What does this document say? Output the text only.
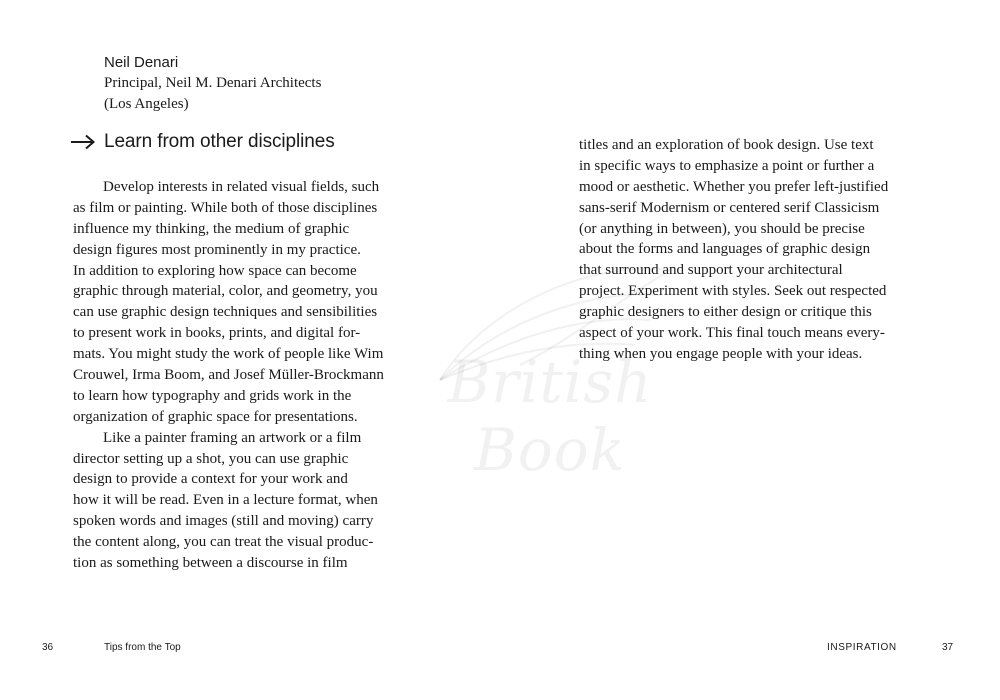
Neil Denari
Principal, Neil M. Denari Architects
(Los Angeles)
Learn from other disciplines
British Book
Develop interests in related visual fields, such
as film or painting. While both of those disciplines
influence my thinking, the medium of graphic
design figures most prominently in my practice.
In addition to exploring how space can become
graphic through material, color, and geometry, you
can use graphic design techniques and sensibilities
to present work in books, prints, and digital for-
mats. You might study the work of people like Wim
Crouwel, Irma Boom, and Josef Müller-Brockmann
to learn how typography and grids work in the
organization of graphic space for presentations.
Like a painter framing an artwork or a film
director setting up a shot, you can use graphic
design to provide a context for your work and
how it will be read. Even in a lecture format, when
spoken words and images (still and moving) carry
the content along, you can treat the visual produc-
tion as something between a discourse in film
titles and an exploration of book design. Use text
in specific ways to emphasize a point or further a
mood or aesthetic. Whether you prefer left-justified
sans-serif Modernism or centered serif Classicism
(or anything in between), you should be precise
about the forms and languages of graphic design
that surround and support your architectural
project. Experiment with styles. Seek out respected
graphic designers to either design or critique this
aspect of your work. This final touch means every-
thing when you engage people with your ideas.
36	Tips from the Top	INSPIRATION	37
